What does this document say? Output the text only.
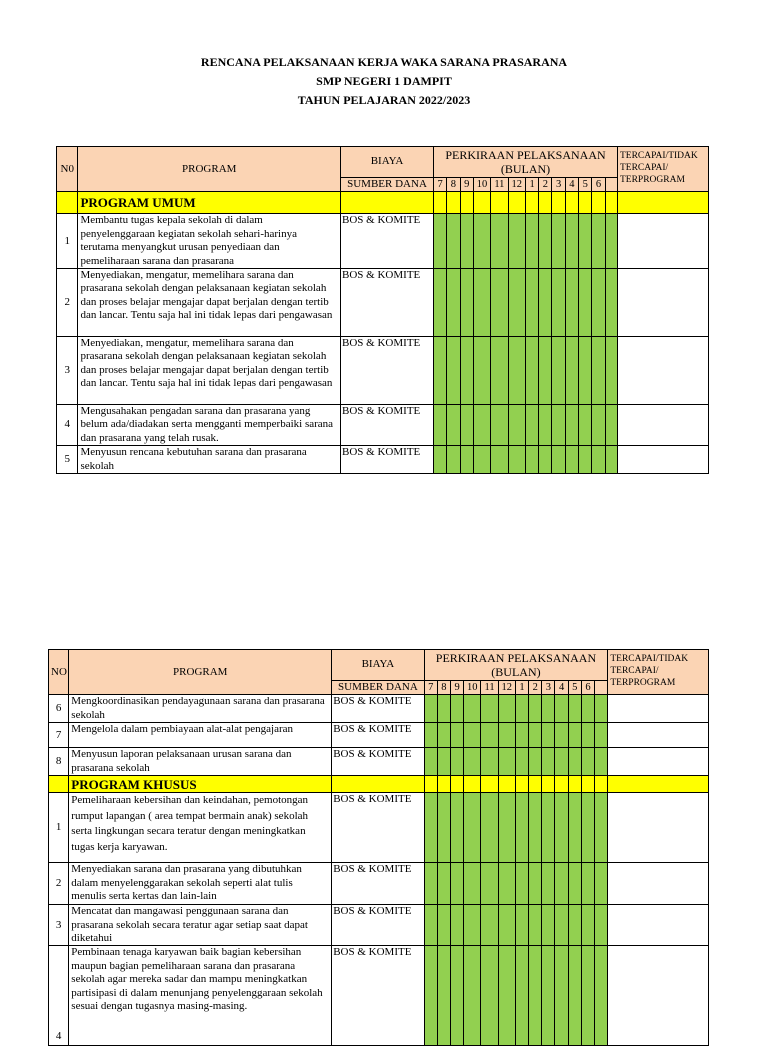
RENCANA PELAKSANAAN KERJA WAKA SARANA PRASARANA
SMP NEGERI 1 DAMPIT
TAHUN PELAJARAN 2022/2023
N0	PROGRAM	BIAYA	PERKIRAAN PELAKSANAAN (BULAN)													TERCAPAI/TIDAK TERCAPAI/ TERPROGRAM
		SUMBER DANA	7	8	9	10	11	12	1	2	3	4	5	6		
	PROGRAM UMUM															
1	Membantu tugas kepala sekolah di dalam penyelenggaraan kegiatan sekolah sehari-harinya terutama menyangkut urusan penyediaan dan pemeliharaan sarana dan prasarana	BOS & KOMITE														
2	Menyediakan, mengatur, memelihara sarana dan prasarana sekolah dengan pelaksanaan kegiatan sekolah dan proses belajar mengajar dapat berjalan dengan tertib dan lancar. Tentu saja hal ini tidak lepas dari pengawasan	BOS & KOMITE														
3	Menyediakan, mengatur, memelihara sarana dan prasarana sekolah dengan pelaksanaan kegiatan sekolah dan proses belajar mengajar dapat berjalan dengan tertib dan lancar. Tentu saja hal ini tidak lepas dari pengawasan	BOS & KOMITE														
4	Mengusahakan pengadan sarana dan prasarana yang belum ada/diadakan serta mengganti memperbaiki sarana dan prasarana yang telah rusak.	BOS & KOMITE														
5	Menyusun rencana kebutuhan sarana dan prasarana sekolah	BOS & KOMITE														
NO	PROGRAM	BIAYA	PERKIRAAN PELAKSANAAN (BULAN)													TERCAPAI/TIDAK TERCAPAI/ TERPROGRAM
		SUMBER DANA	7	8	9	10	11	12	1	2	3	4	5	6		
6	Mengkoordinasikan pendayagunaan sarana dan prasarana sekolah	BOS & KOMITE														
7	Mengelola dalam pembiayaan alat-alat pengajaran	BOS & KOMITE														
8	Menyusun laporan pelaksanaan urusan sarana dan prasarana sekolah	BOS & KOMITE														
	PROGRAM KHUSUS															
1	Pemeliharaan kebersihan dan keindahan, pemotongan rumput lapangan ( area tempat bermain anak) sekolah serta lingkungan secara teratur dengan meningkatkan tugas kerja karyawan.	BOS & KOMITE														
2	Menyediakan sarana dan prasarana yang dibutuhkan dalam menyelenggarakan sekolah seperti alat tulis menulis serta kertas dan lain-lain	BOS & KOMITE														
3	Mencatat dan mangawasi penggunaan sarana dan prasarana sekolah secara teratur agar setiap saat dapat diketahui	BOS & KOMITE														
4	Pembinaan tenaga karyawan baik bagian kebersihan maupun bagian pemeliharaan sarana dan prasarana sekolah agar mereka sadar dan mampu meningkatkan partisipasi di dalam menunjang penyelenggaraan sekolah sesuai dengan tugasnya masing-masing.	BOS & KOMITE														
